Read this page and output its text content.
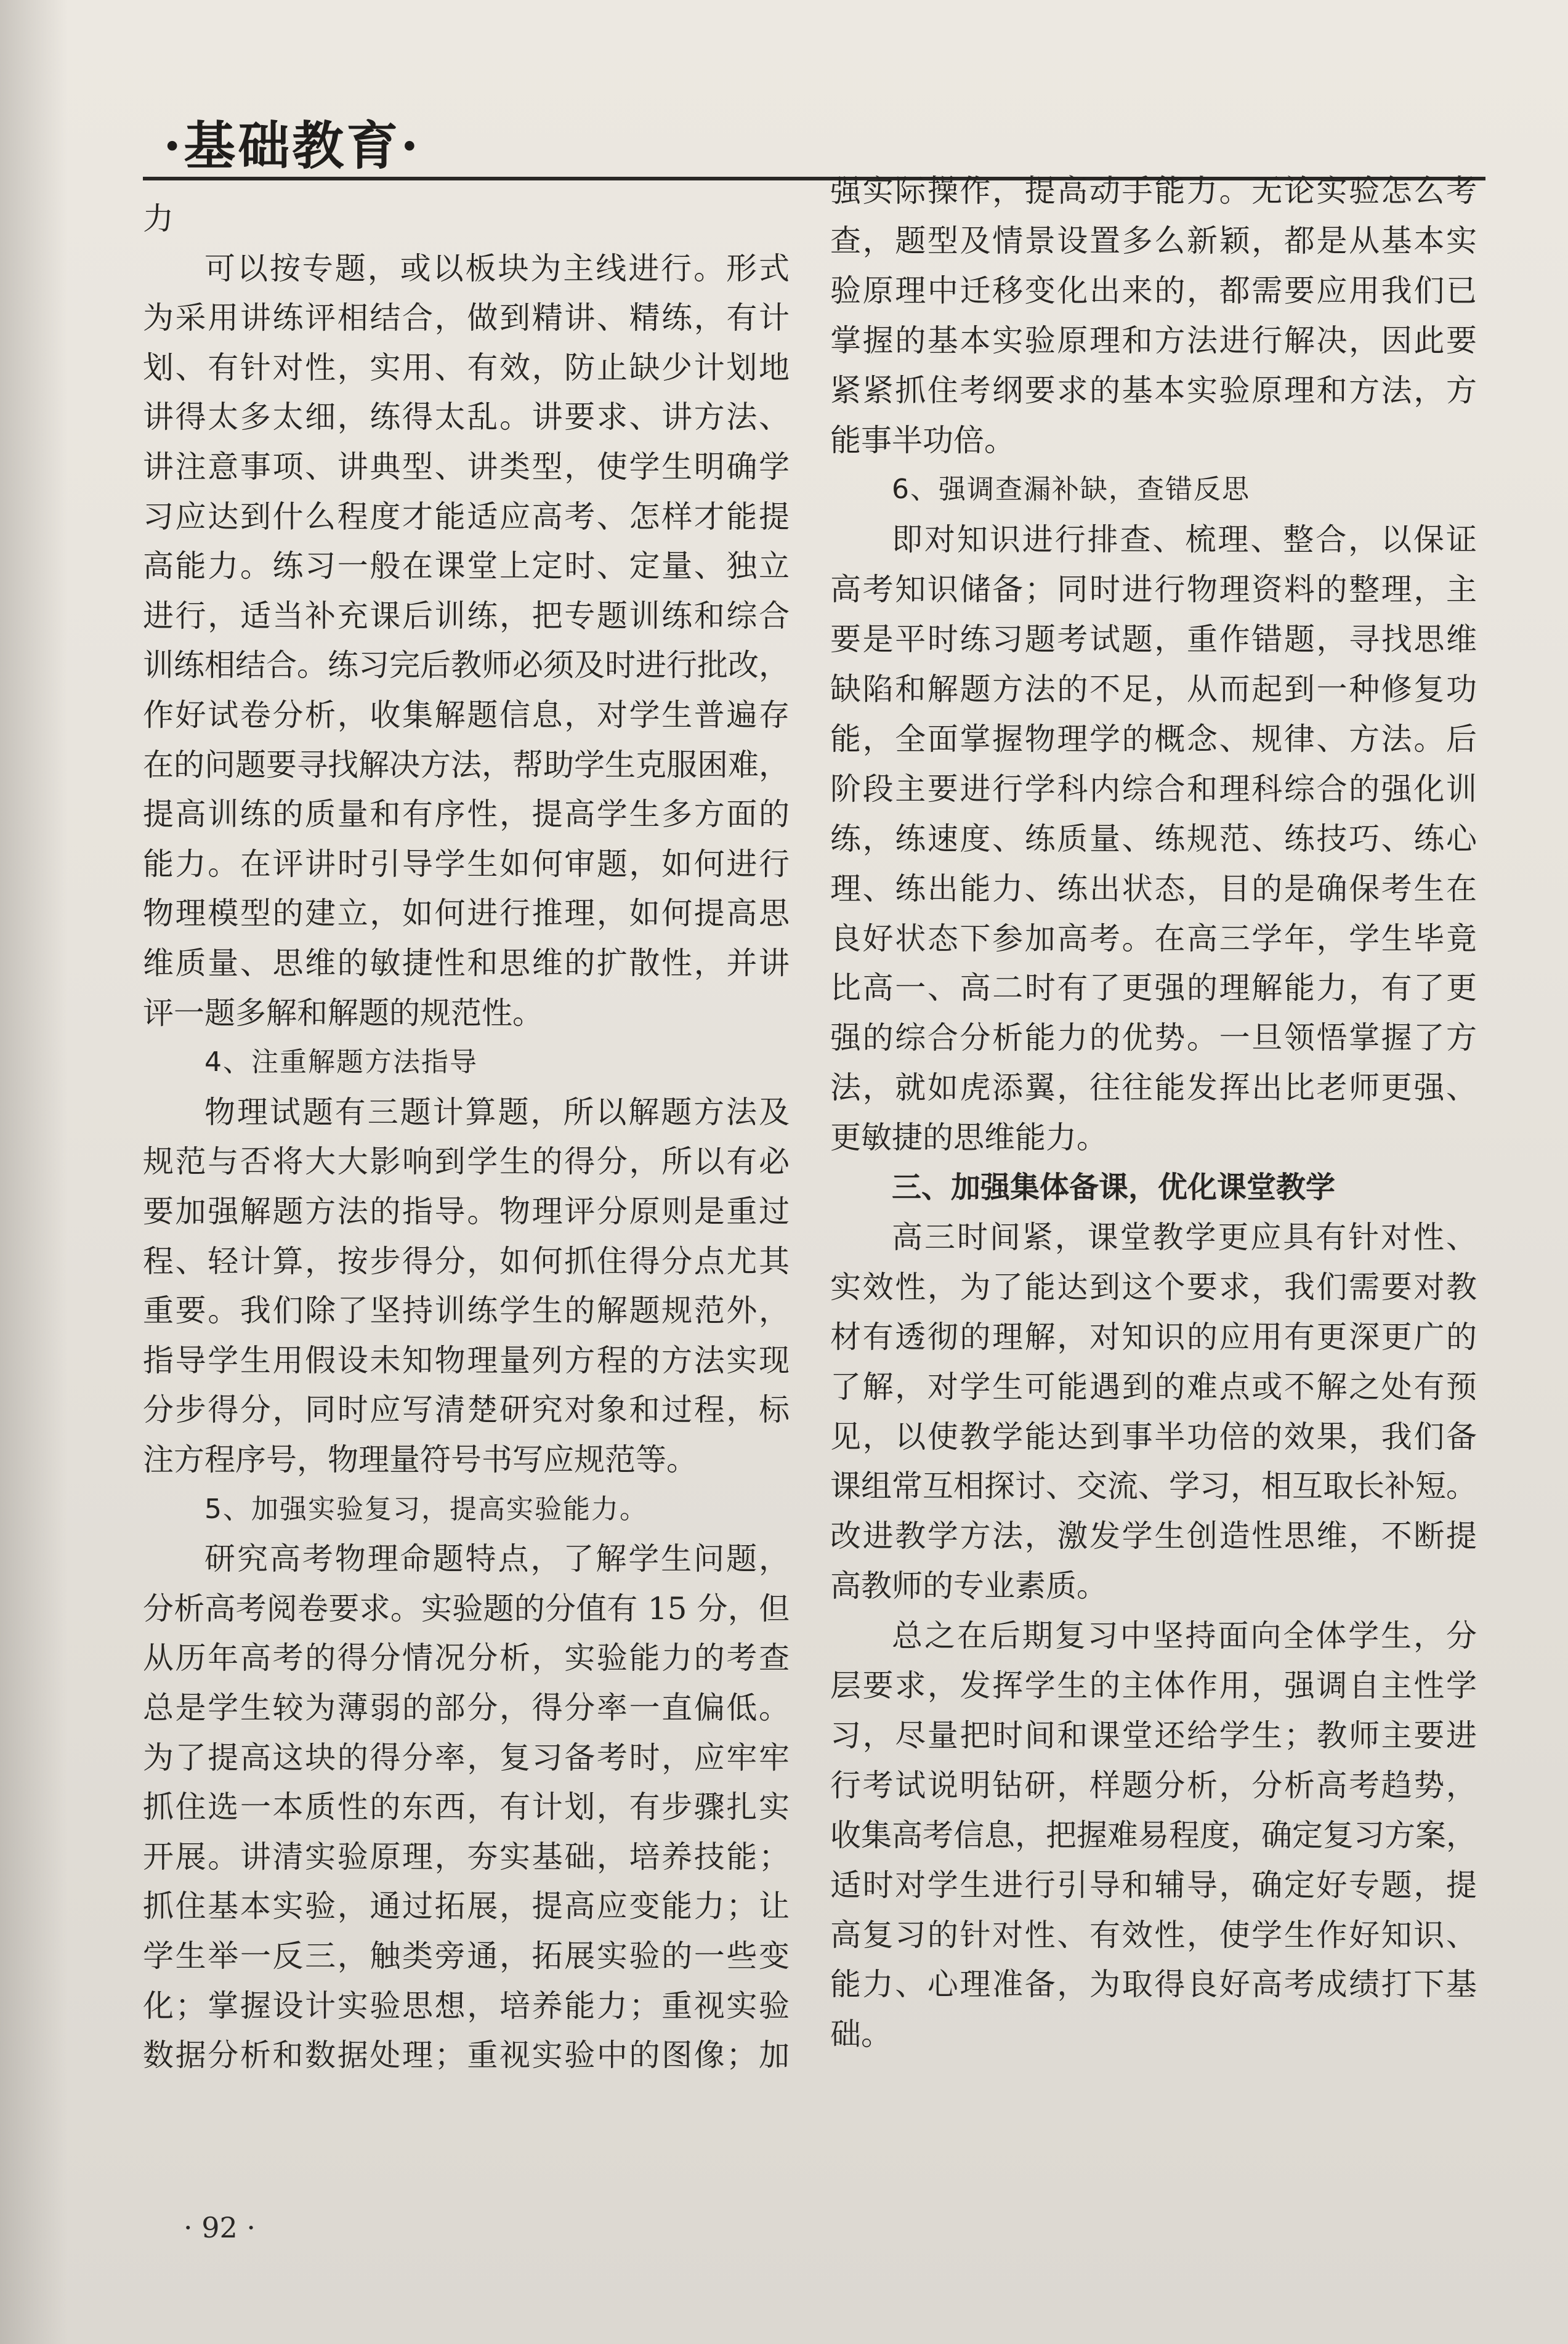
·基础教育·
力
可以按专题，或以板块为主线进行。形式
为采用讲练评相结合，做到精讲、精练，有计
划、有针对性，实用、有效，防止缺少计划地
讲得太多太细，练得太乱。讲要求、讲方法、
讲注意事项、讲典型、讲类型，使学生明确学
习应达到什么程度才能适应高考、怎样才能提
高能力。练习一般在课堂上定时、定量、独立
进行，适当补充课后训练，把专题训练和综合
训练相结合。练习完后教师必须及时进行批改，
作好试卷分析，收集解题信息，对学生普遍存
在的问题要寻找解决方法，帮助学生克服困难，
提高训练的质量和有序性，提高学生多方面的
能力。在评讲时引导学生如何审题，如何进行
物理模型的建立，如何进行推理，如何提高思
维质量、思维的敏捷性和思维的扩散性，并讲
评一题多解和解题的规范性。
4、注重解题方法指导
物理试题有三题计算题，所以解题方法及
规范与否将大大影响到学生的得分，所以有必
要加强解题方法的指导。物理评分原则是重过
程、轻计算，按步得分，如何抓住得分点尤其
重要。我们除了坚持训练学生的解题规范外，
指导学生用假设未知物理量列方程的方法实现
分步得分，同时应写清楚研究对象和过程，标
注方程序号，物理量符号书写应规范等。
5、加强实验复习，提高实验能力。
研究高考物理命题特点，了解学生问题，
分析高考阅卷要求。实验题的分值有 15 分，但
从历年高考的得分情况分析，实验能力的考查
总是学生较为薄弱的部分，得分率一直偏低。
为了提高这块的得分率，复习备考时，应牢牢
抓住选一本质性的东西，有计划，有步骤扎实
开展。讲清实验原理，夯实基础，培养技能；
抓住基本实验，通过拓展，提高应变能力；让
学生举一反三，触类旁通，拓展实验的一些变
化；掌握设计实验思想，培养能力；重视实验
数据分析和数据处理；重视实验中的图像；加
强实际操作，提高动手能力。无论实验怎么考
查，题型及情景设置多么新颖，都是从基本实
验原理中迁移变化出来的，都需要应用我们已
掌握的基本实验原理和方法进行解决，因此要
紧紧抓住考纲要求的基本实验原理和方法，方
能事半功倍。
6、强调查漏补缺，查错反思
即对知识进行排查、梳理、整合，以保证
高考知识储备；同时进行物理资料的整理，主
要是平时练习题考试题，重作错题，寻找思维
缺陷和解题方法的不足，从而起到一种修复功
能，全面掌握物理学的概念、规律、方法。后
阶段主要进行学科内综合和理科综合的强化训
练，练速度、练质量、练规范、练技巧、练心
理、练出能力、练出状态，目的是确保考生在
良好状态下参加高考。在高三学年，学生毕竟
比高一、高二时有了更强的理解能力，有了更
强的综合分析能力的优势。一旦领悟掌握了方
法，就如虎添翼，往往能发挥出比老师更强、
更敏捷的思维能力。
三、加强集体备课，优化课堂教学
高三时间紧，课堂教学更应具有针对性、
实效性，为了能达到这个要求，我们需要对教
材有透彻的理解，对知识的应用有更深更广的
了解，对学生可能遇到的难点或不解之处有预
见，以使教学能达到事半功倍的效果，我们备
课组常互相探讨、交流、学习，相互取长补短。
改进教学方法，激发学生创造性思维，不断提
高教师的专业素质。
总之在后期复习中坚持面向全体学生，分
层要求，发挥学生的主体作用，强调自主性学
习，尽量把时间和课堂还给学生；教师主要进
行考试说明钻研，样题分析，分析高考趋势，
收集高考信息，把握难易程度，确定复习方案，
适时对学生进行引导和辅导，确定好专题，提
高复习的针对性、有效性，使学生作好知识、
能力、心理准备，为取得良好高考成绩打下基
础。
· 92 ·
